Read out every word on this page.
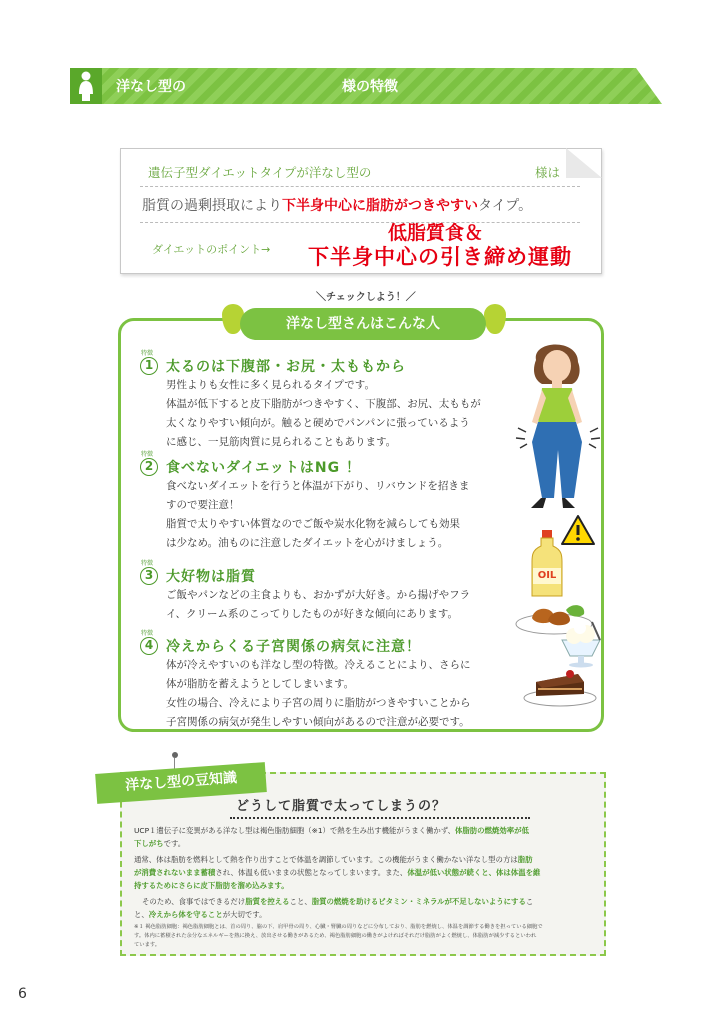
洋なし型の	様の特徴
遺伝子型ダイエットタイプが洋なし型の	様は
脂質の過剰摂取により下半身中心に脂肪がつきやすいタイプ。
ダイエットのポイント→
低脂質食＆
下半身中心の引き締め運動
＼チェックしよう！／
洋なし型さんはこんな人
特徴
1 太るのは下腹部・お尻・太ももから
男性よりも女性に多く見られるタイプです。
体温が低下すると皮下脂肪がつきやすく、下腹部、お尻、太ももが
太くなりやすい傾向が。触ると硬めでパンパンに張っているよう
に感じ、一見筋肉質に見られることもあります。
特徴
2 食べないダイエットはNG ！
食べないダイエットを行うと体温が下がり、リバウンドを招きま
すので要注意！
脂質で太りやすい体質なのでご飯や炭水化物を減らしても効果
は少なめ。油ものに注意したダイエットを心がけましょう。
特徴
3 大好物は脂質
ご飯やパンなどの主食よりも、おかずが大好き。から揚げやフラ
イ、クリーム系のこってりしたものが好きな傾向にあります。
特徴
4 冷えからくる子宮関係の病気に注意！
体が冷えやすいのも洋なし型の特徴。冷えることにより、さらに
体が脂肪を蓄えようとしてしまいます。
女性の場合、冷えにより子宮の周りに脂肪がつきやすいことから
子宮関係の病気が発生しやすい傾向があるので注意が必要です。
OIL
洋なし型の豆知識
どうして脂質で太ってしまうの？
UCP１遺伝子に変異がある洋なし型は褐色脂肪細胞（※1）で熱を生み出す機能がうまく働かず、体脂肪の燃焼効率が低
下しがちです。
通常、体は脂肪を燃料として熱を作り出すことで体温を調節しています。この機能がうまく働かない洋なし型の方は脂肪
が消費されないまま蓄積され、体温も低いままの状態となってしまいます。また、体温が低い状態が続くと、体は体温を維
持するためにさらに皮下脂肪を溜め込みます。
そのため、食事ではできるだけ脂質を控えること、脂質の燃焼を助けるビタミン・ミネラルが不足しないようにするこ
と、冷えから体を守ることが大切です。
※１ 褐色脂肪細胞：褐色脂肪細胞とは、首の周り、脇の下、肩甲骨の周り、心臓・腎臓の周りなどに分布しており、脂肪を燃焼し、体温を調節する働きを担っている細胞で
す。体内に蓄積された余分なエネルギーを熱に換え、放出させる働きがあるため、褐色脂肪細胞の働きがよければそれだけ脂肪がよく燃焼し、体脂肪が減少するといわれ
ています。
6
